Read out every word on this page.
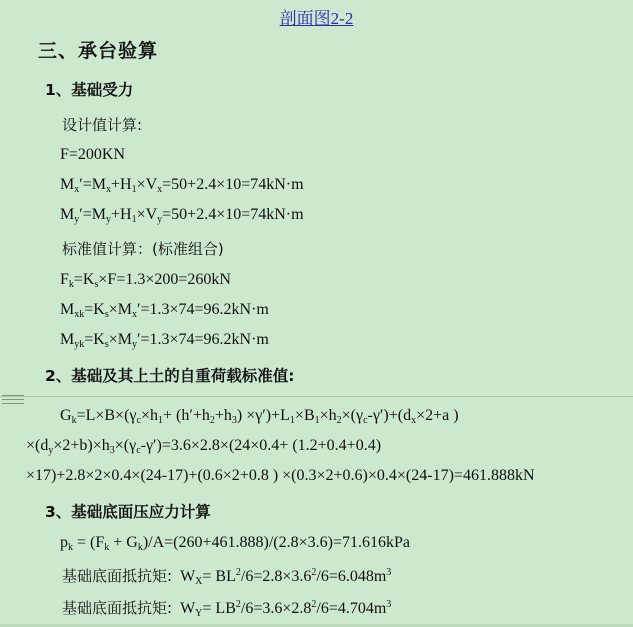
剖面图2-2
三、承台验算
1、基础受力
设计值计算:
F=200KN
$M_x'=M_x+H_1\times V_x=50+2.4\times 10=74kN\cdot m$
$M_y'=M_y+H_1\times V_y=50+2.4\times 10=74kN\cdot m$
标准值计算：(标准组合)
$F_k=K_s\times F=1.3\times 200=260kN$
$M_{xk}=K_s\times M_x'=1.3\times 74=96.2kN\cdot m$
$M_{yk}=K_s\times M_y'=1.3\times 74=96.2kN\cdot m$
2、基础及其上土的自重荷载标准值:
$G_k=L\times B\times(\gamma_c\times h_1+ (h'+h_2+h_3) \times\gamma')+L_1\times B_1\times h_2\times(\gamma_c-\gamma')+(d_x\times 2+a$ )
$\times(d_y\times 2+b)\times h_3\times(\gamma_c-\gamma')=3.6\times 2.8\times(24\times 0.4+ (1.2+0.4+0.4)$
×17)+2.8×2×0.4×(24-17)+(0.6×2+0.8 ) ×(0.3×2+0.6)×0.4×(24-17)=461.888kN
3、基础底面压应力计算
$p_k = (F_k + G_k)/A=(260+461.888)/(2.8\times 3.6)=71.616kPa$
基础底面抵抗矩:  $W_X= BL^2/6=2.8\times 3.6^2/6=6.048m^3$
基础底面抵抗矩:  $W_Y= LB^2/6=3.6\times 2.8^2/6=4.704m^3$
